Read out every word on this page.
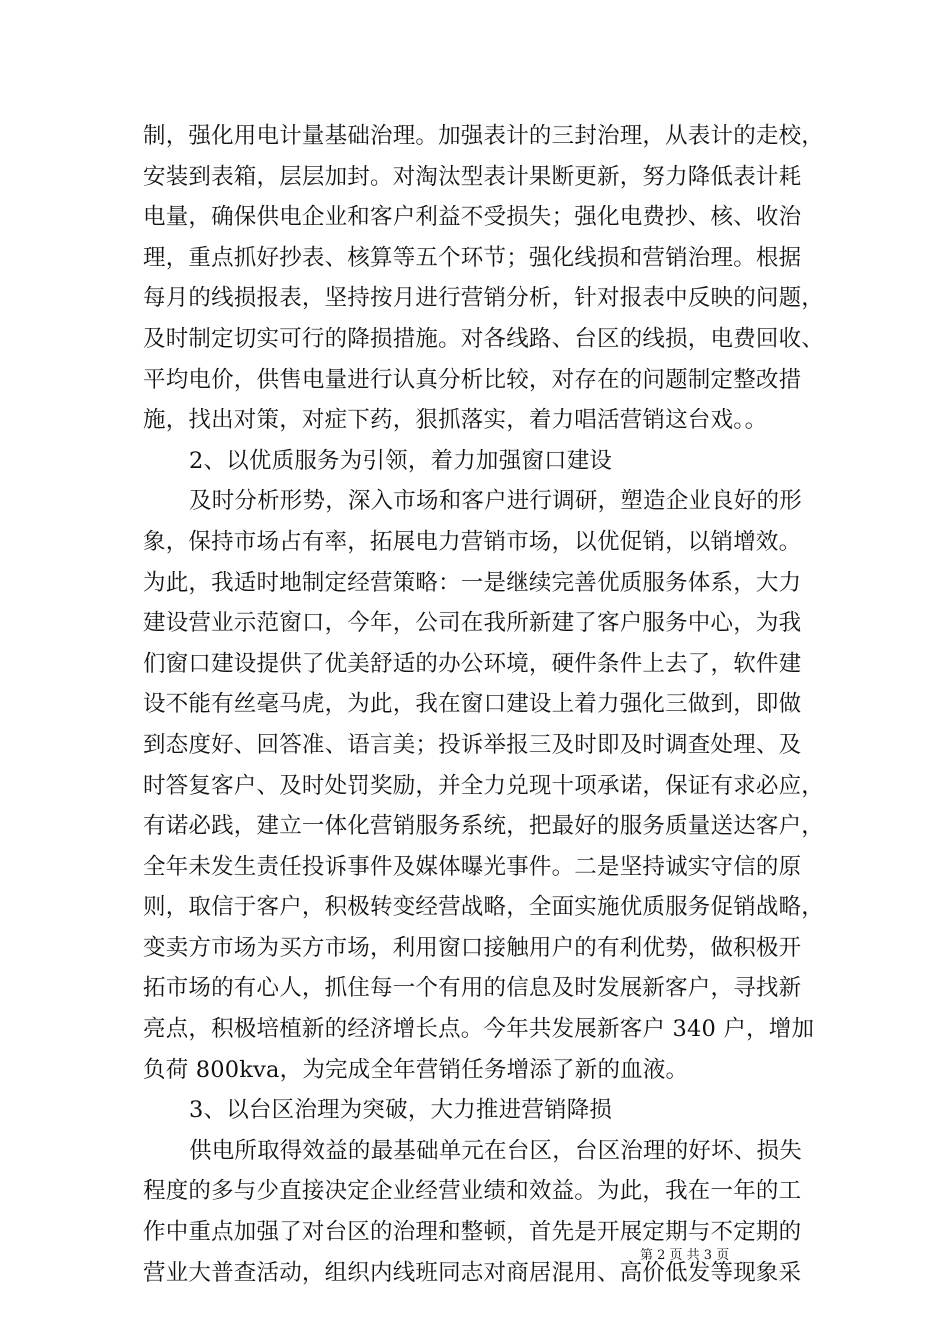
制，强化用电计量基础治理。加强表计的三封治理，从表计的走校，
安装到表箱，层层加封。对淘汰型表计果断更新，努力降低表计耗
电量，确保供电企业和客户利益不受损失；强化电费抄、核、收治
理，重点抓好抄表、核算等五个环节；强化线损和营销治理。根据
每月的线损报表，坚持按月进行营销分析，针对报表中反映的问题，
及时制定切实可行的降损措施。对各线路、台区的线损，电费回收、
平均电价，供售电量进行认真分析比较，对存在的问题制定整改措
施，找出对策，对症下药，狠抓落实，着力唱活营销这台戏。。
2、以优质服务为引领，着力加强窗口建设
及时分析形势，深入市场和客户进行调研，塑造企业良好的形
象，保持市场占有率，拓展电力营销市场，以优促销，以销增效。
为此，我适时地制定经营策略：一是继续完善优质服务体系，大力
建设营业示范窗口，今年，公司在我所新建了客户服务中心，为我
们窗口建设提供了优美舒适的办公环境，硬件条件上去了，软件建
设不能有丝毫马虎，为此，我在窗口建设上着力强化三做到，即做
到态度好、回答准、语言美；投诉举报三及时即及时调查处理、及
时答复客户、及时处罚奖励，并全力兑现十项承诺，保证有求必应，
有诺必践，建立一体化营销服务系统，把最好的服务质量送达客户，
全年未发生责任投诉事件及媒体曝光事件。二是坚持诚实守信的原
则，取信于客户，积极转变经营战略，全面实施优质服务促销战略，
变卖方市场为买方市场，利用窗口接触用户的有利优势，做积极开
拓市场的有心人，抓住每一个有用的信息及时发展新客户，寻找新
亮点，积极培植新的经济增长点。今年共发展新客户 340 户，增加
负荷 800kva，为完成全年营销任务增添了新的血液。
3、以台区治理为突破，大力推进营销降损
供电所取得效益的最基础单元在台区，台区治理的好坏、损失
程度的多与少直接决定企业经营业绩和效益。为此，我在一年的工
作中重点加强了对台区的治理和整顿，首先是开展定期与不定期的
营业大普查活动，组织内线班同志对商居混用、高价低发等现象采
第 2 页 共 3 页
